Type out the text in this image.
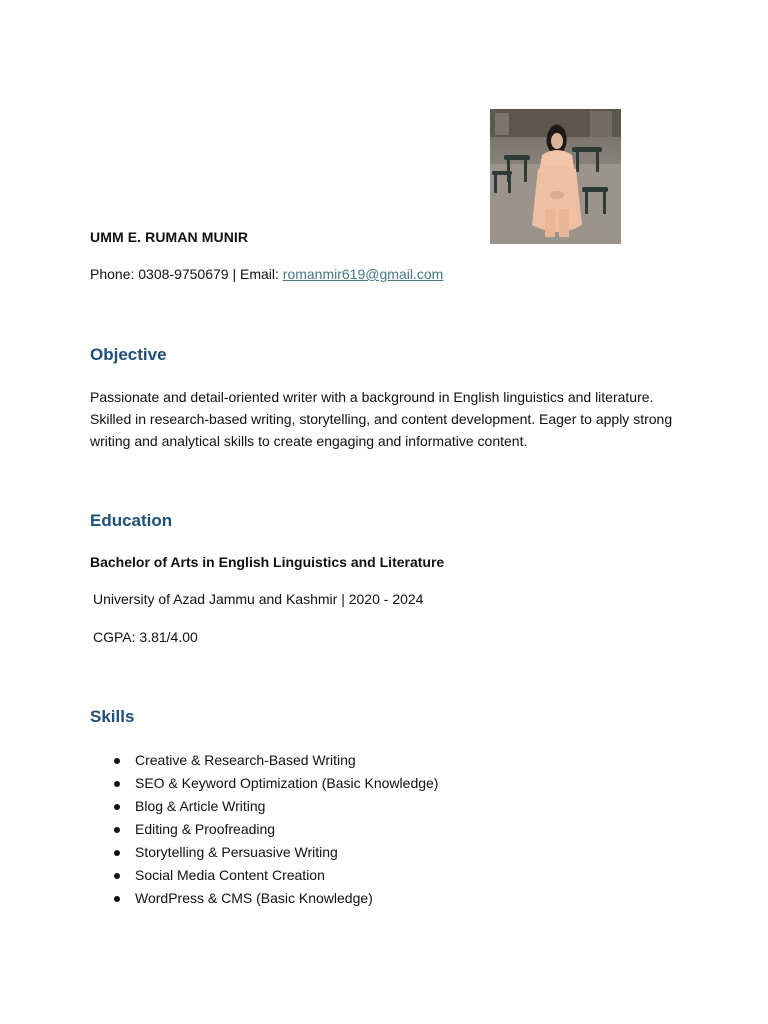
UMM E. RUMAN MUNIR
Phone: 0308-9750679 | Email: romanmir619@gmail.com
Objective
Passionate and detail-oriented writer with a background in English linguistics and literature. Skilled in research-based writing, storytelling, and content development. Eager to apply strong writing and analytical skills to create engaging and informative content.
Education
Bachelor of Arts in English Linguistics and Literature
University of Azad Jammu and Kashmir | 2020 - 2024
CGPA: 3.81/4.00
Skills
Creative & Research-Based Writing
SEO & Keyword Optimization (Basic Knowledge)
Blog & Article Writing
Editing & Proofreading
Storytelling & Persuasive Writing
Social Media Content Creation
WordPress & CMS (Basic Knowledge)
